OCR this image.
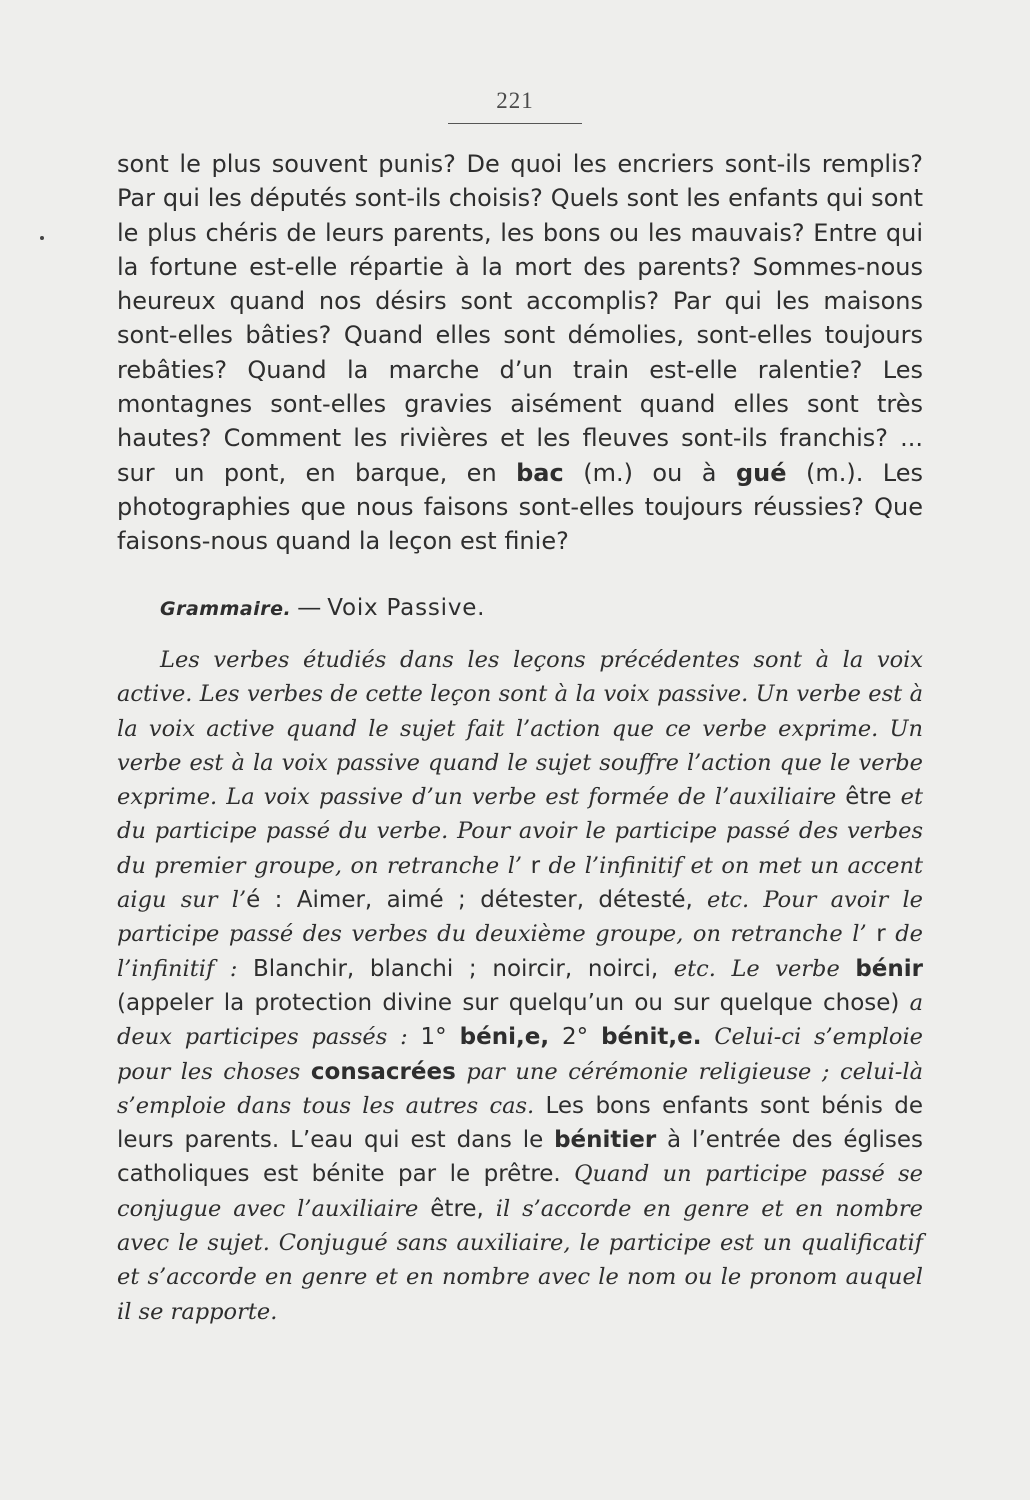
221

sont le plus souvent punis? De quoi les encriers sont-ils remplis? Par qui les députés sont-ils choisis? Quels sont les enfants qui sont le plus chéris de leurs parents, les bons ou les mauvais? Entre qui la fortune est-elle répartie à la mort des parents? Sommes-nous heureux quand nos désirs sont accomplis? Par qui les maisons sont-elles bâties? Quand elles sont démolies, sont-elles toujours rebâties? Quand la marche d’un train est-elle ralentie? Les montagnes sont-elles gravies aisément quand elles sont très hautes? Comment les rivières et les fleuves sont-ils franchis? ... sur un pont, en barque, en bac (m.) ou à gué (m.). Les photographies que nous faisons sont-elles toujours réussies? Que faisons-nous quand la leçon est finie?

Grammaire. — Voix Passive.

Les verbes étudiés dans les leçons précédentes sont à la voix active. Les verbes de cette leçon sont à la voix passive. Un verbe est à la voix active quand le sujet fait l’action que ce verbe exprime. Un verbe est à la voix passive quand le sujet souffre l’action que le verbe exprime. La voix passive d’un verbe est formée de l’auxiliaire être et du participe passé du verbe. Pour avoir le participe passé des verbes du premier groupe, on retranche l’ r de l’infinitif et on met un accent aigu sur l’é : Aimer, aimé ; détester, détesté, etc. Pour avoir le participe passé des verbes du deuxième groupe, on retranche l’ r de l’infinitif : Blanchir, blanchi ; noircir, noirci, etc. Le verbe bénir (appeler la protection divine sur quelqu’un ou sur quelque chose) a deux participes passés : 1° béni,e, 2° bénit,e. Celui-ci s’emploie pour les choses consacrées par une cérémonie religieuse ; celui-là s’emploie dans tous les autres cas. Les bons enfants sont bénis de leurs parents. L’eau qui est dans le bénitier à l’entrée des églises catholiques est bénite par le prêtre. Quand un participe passé se conjugue avec l’auxiliaire être, il s’accorde en genre et en nombre avec le sujet. Conjugué sans auxiliaire, le participe est un qualificatif et s’accorde en genre et en nombre avec le nom ou le pronom auquel il se rapporte.
